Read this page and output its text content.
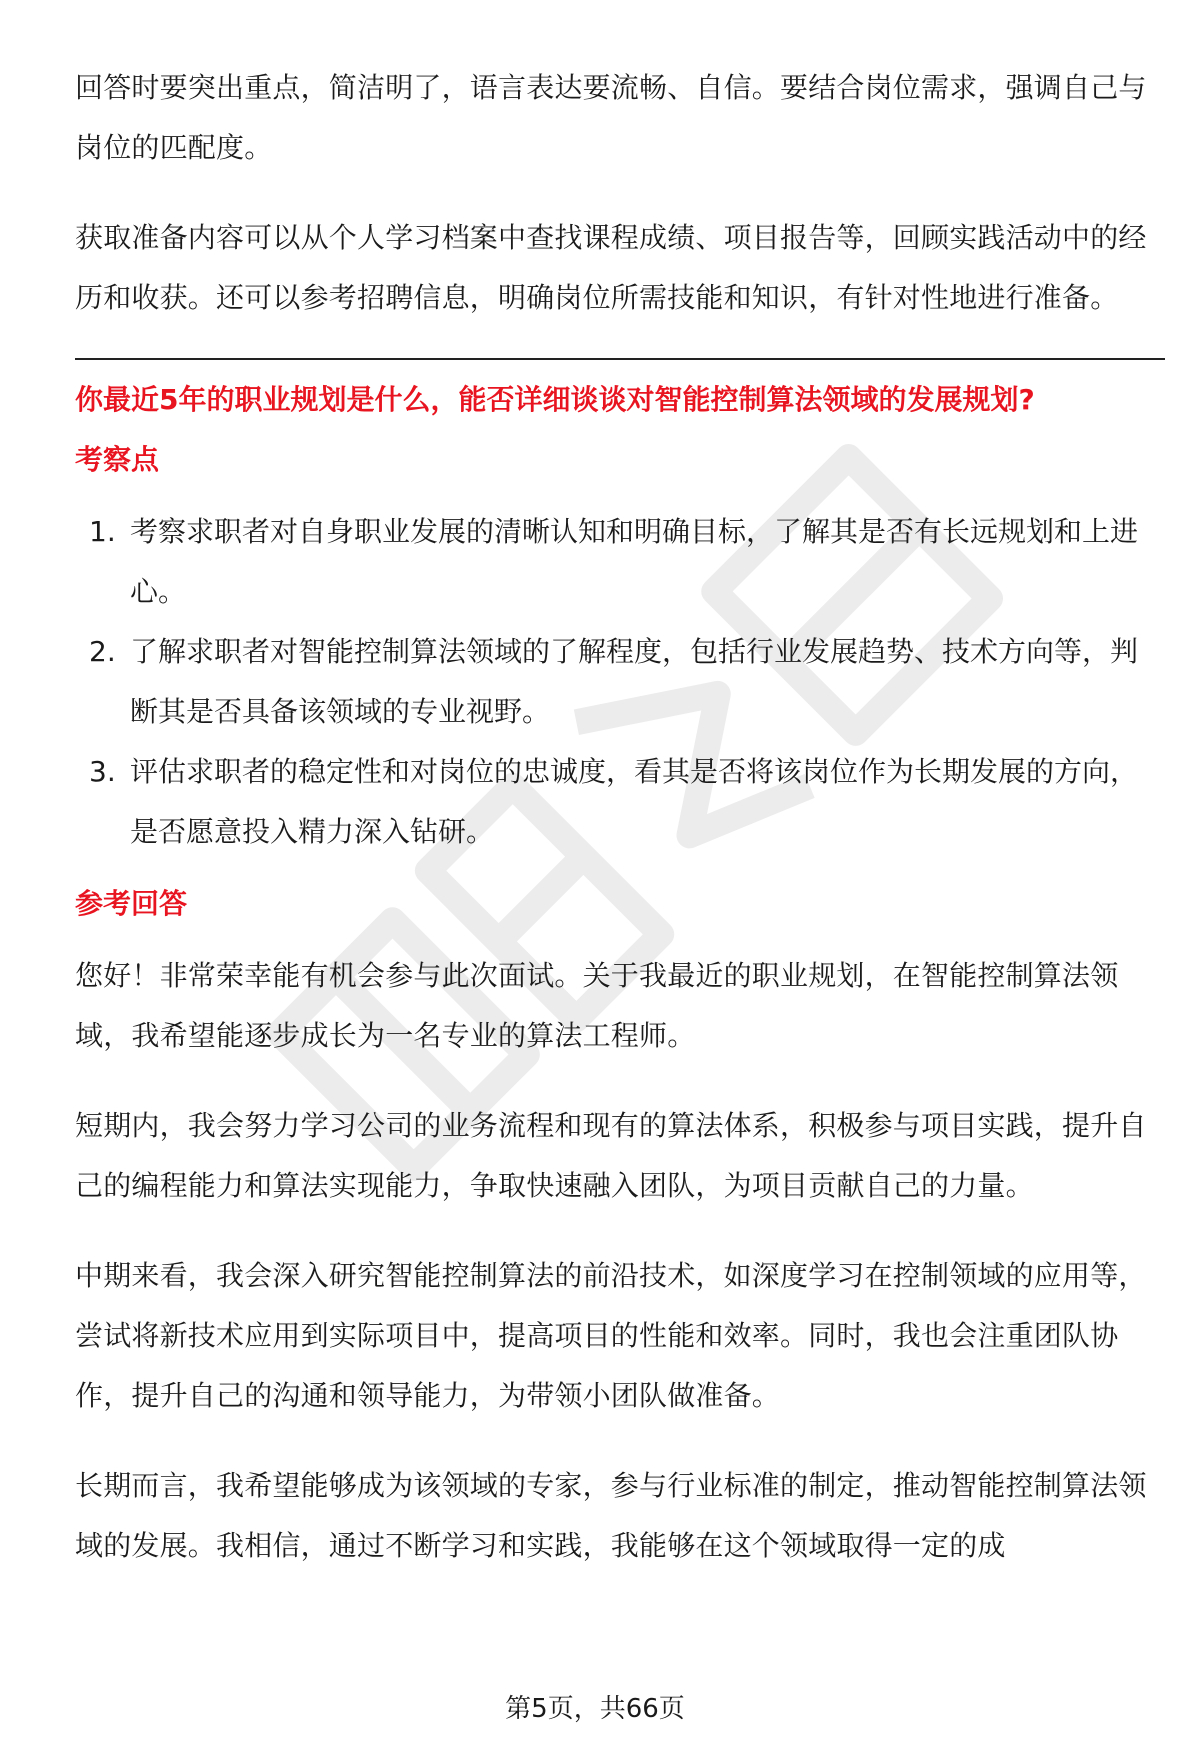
回答时要突出重点，简洁明了，语言表达要流畅、自信。要结合岗位需求，强调自己与岗位的匹配度。

获取准备内容可以从个人学习档案中查找课程成绩、项目报告等，回顾实践活动中的经历和收获。还可以参考招聘信息，明确岗位所需技能和知识，有针对性地进行准备。

你最近5年的职业规划是什么，能否详细谈谈对智能控制算法领域的发展规划?

考察点

1. 考察求职者对自身职业发展的清晰认知和明确目标，了解其是否有长远规划和上进心。
2. 了解求职者对智能控制算法领域的了解程度，包括行业发展趋势、技术方向等，判断其是否具备该领域的专业视野。
3. 评估求职者的稳定性和对岗位的忠诚度，看其是否将该岗位作为长期发展的方向，是否愿意投入精力深入钻研。

参考回答

您好！非常荣幸能有机会参与此次面试。关于我最近的职业规划，在智能控制算法领域，我希望能逐步成长为一名专业的算法工程师。

短期内，我会努力学习公司的业务流程和现有的算法体系，积极参与项目实践，提升自己的编程能力和算法实现能力，争取快速融入团队，为项目贡献自己的力量。

中期来看，我会深入研究智能控制算法的前沿技术，如深度学习在控制领域的应用等，尝试将新技术应用到实际项目中，提高项目的性能和效率。同时，我也会注重团队协作，提升自己的沟通和领导能力，为带领小团队做准备。

长期而言，我希望能够成为该领域的专家，参与行业标准的制定，推动智能控制算法领域的发展。我相信，通过不断学习和实践，我能够在这个领域取得一定的成

第5页，共66页
